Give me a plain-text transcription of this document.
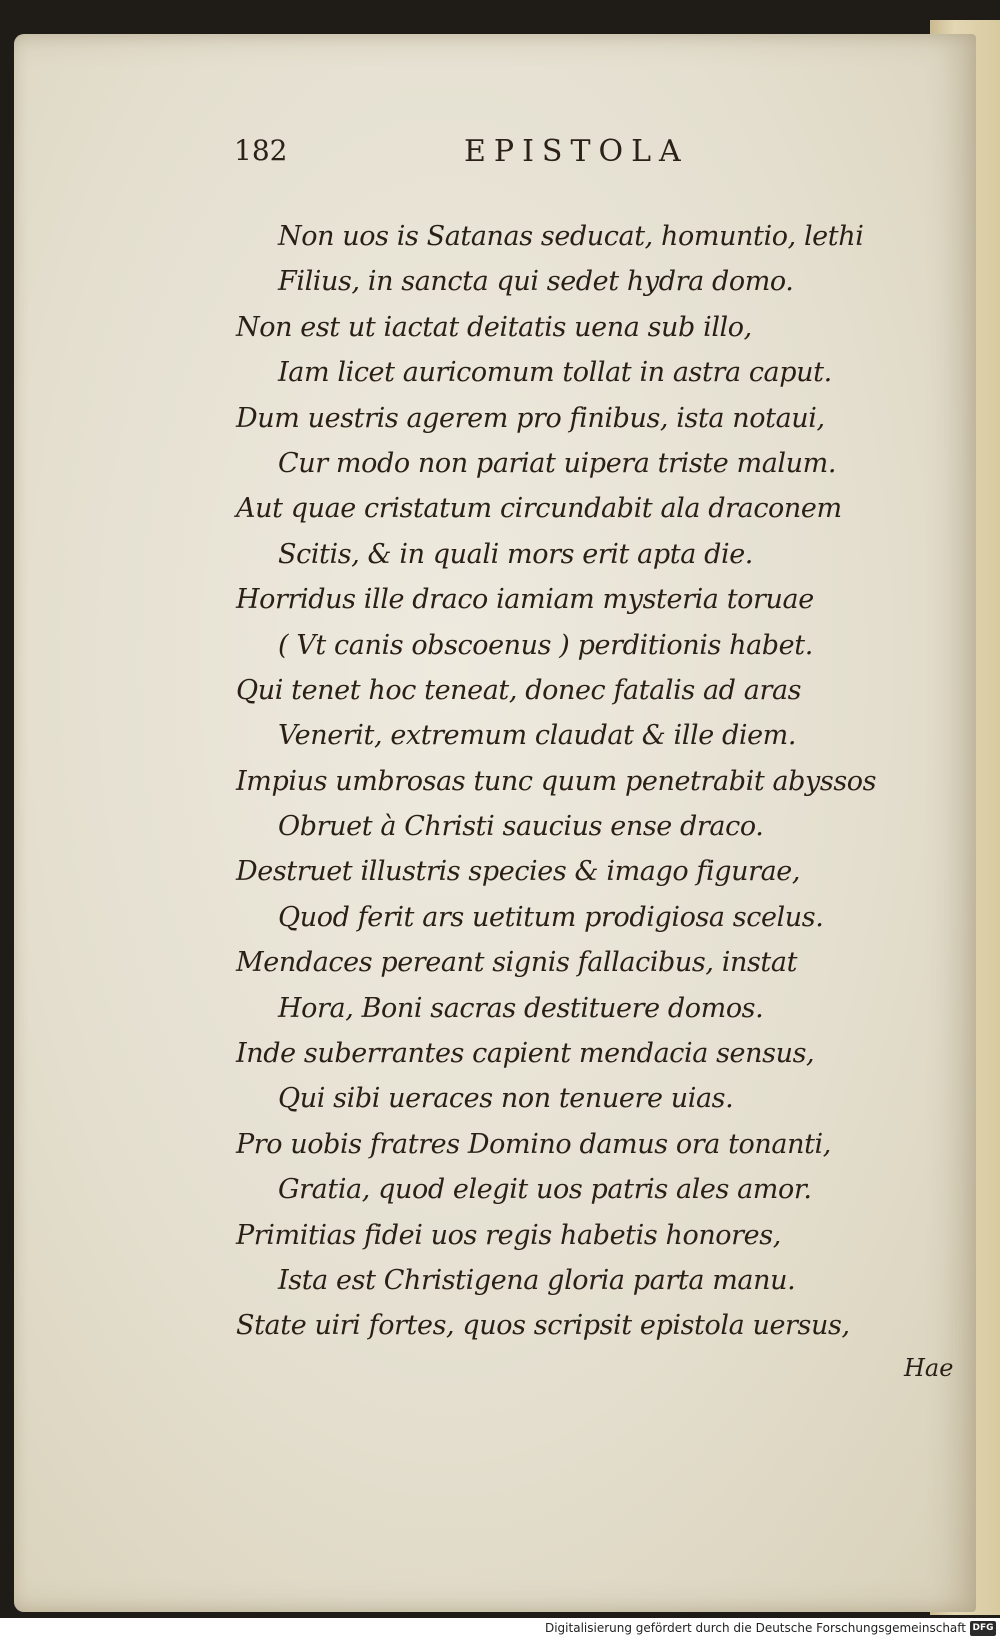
182	EPISTOLA
Non uos is Satanas seducat, homuntio, lethi
Filius, in sancta qui sedet hydra domo.
Non est ut iactat deitatis uena sub illo,
Iam licet auricomum tollat in astra caput.
Dum uestris agerem pro finibus, ista notaui,
Cur modo non pariat uipera triste malum.
Aut quae cristatum circundabit ala draconem
Scitis, & in quali mors erit apta die.
Horridus ille draco iamiam mysteria toruae
( Vt canis obscoenus ) perditionis habet.
Qui tenet hoc teneat, donec fatalis ad aras
Venerit, extremum claudat & ille diem.
Impius umbrosas tunc quum penetrabit abyssos
Obruet à Christi saucius ense draco.
Destruet illustris species & imago figurae,
Quod ferit ars uetitum prodigiosa scelus.
Mendaces pereant signis fallacibus, instat
Hora, Boni sacras destituere domos.
Inde suberrantes capient mendacia sensus,
Qui sibi ueraces non tenuere uias.
Pro uobis fratres Domino damus ora tonanti,
Gratia, quod elegit uos patris ales amor.
Primitias fidei uos regis habetis honores,
Ista est Christigena gloria parta manu.
State uiri fortes, quos scripsit epistola uersus,
Hae
Digitalisierung gefördert durch die Deutsche Forschungsgemeinschaft DFG
